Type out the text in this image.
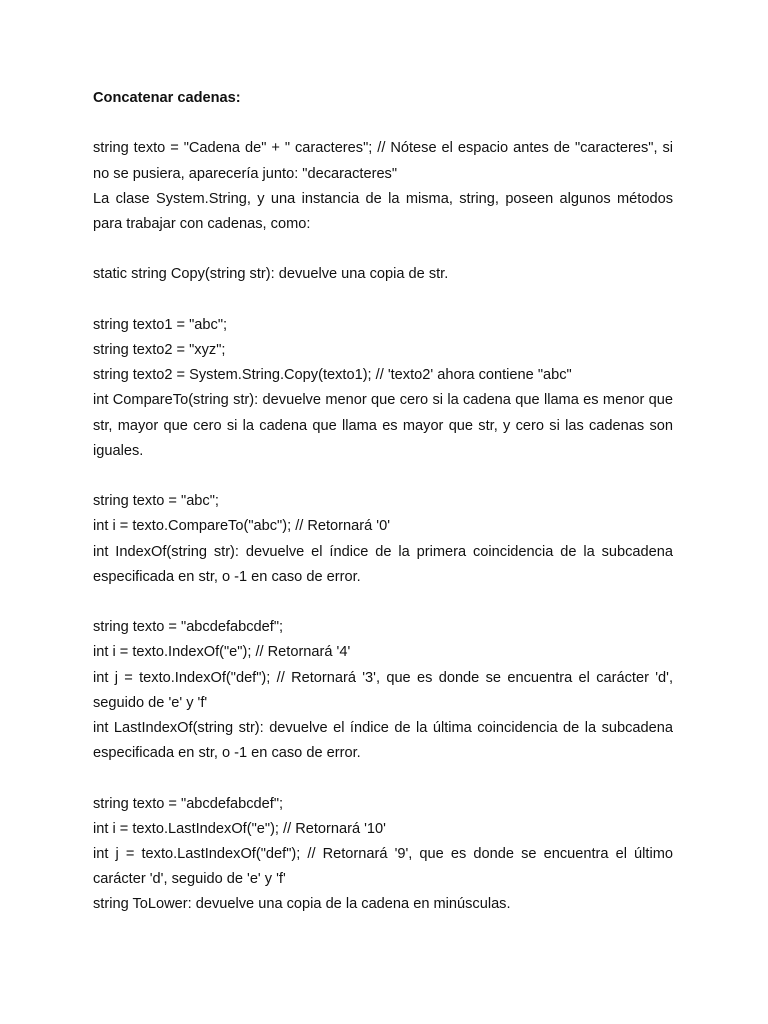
Concatenar cadenas:

string texto = "Cadena de" + " caracteres"; // Nótese el espacio antes de "caracteres", si no se pusiera, aparecería junto: "decaracteres"

La clase System.String, y una instancia de la misma, string, poseen algunos métodos para trabajar con cadenas, como:

static string Copy(string str): devuelve una copia de str.

string texto1 = "abc";

string texto2 = "xyz";

string texto2 = System.String.Copy(texto1); // 'texto2' ahora contiene "abc"

int CompareTo(string str): devuelve menor que cero si la cadena que llama es menor que str, mayor que cero si la cadena que llama es mayor que str, y cero si las cadenas son iguales.

string texto = "abc";

int i = texto.CompareTo("abc"); // Retornará '0'

int IndexOf(string str): devuelve el índice de la primera coincidencia de la subcadena especificada en str, o -1 en caso de error.

string texto = "abcdefabcdef";

int i = texto.IndexOf("e"); // Retornará '4'

int j = texto.IndexOf("def"); // Retornará '3', que es donde se encuentra el carácter 'd', seguido de 'e' y 'f'

int LastIndexOf(string str): devuelve el índice de la última coincidencia de la subcadena especificada en str, o -1 en caso de error.

string texto = "abcdefabcdef";

int i = texto.LastIndexOf("e"); // Retornará '10'

int j = texto.LastIndexOf("def"); // Retornará '9', que es donde se encuentra el último carácter 'd', seguido de 'e' y 'f'

string ToLower: devuelve una copia de la cadena en minúsculas.
